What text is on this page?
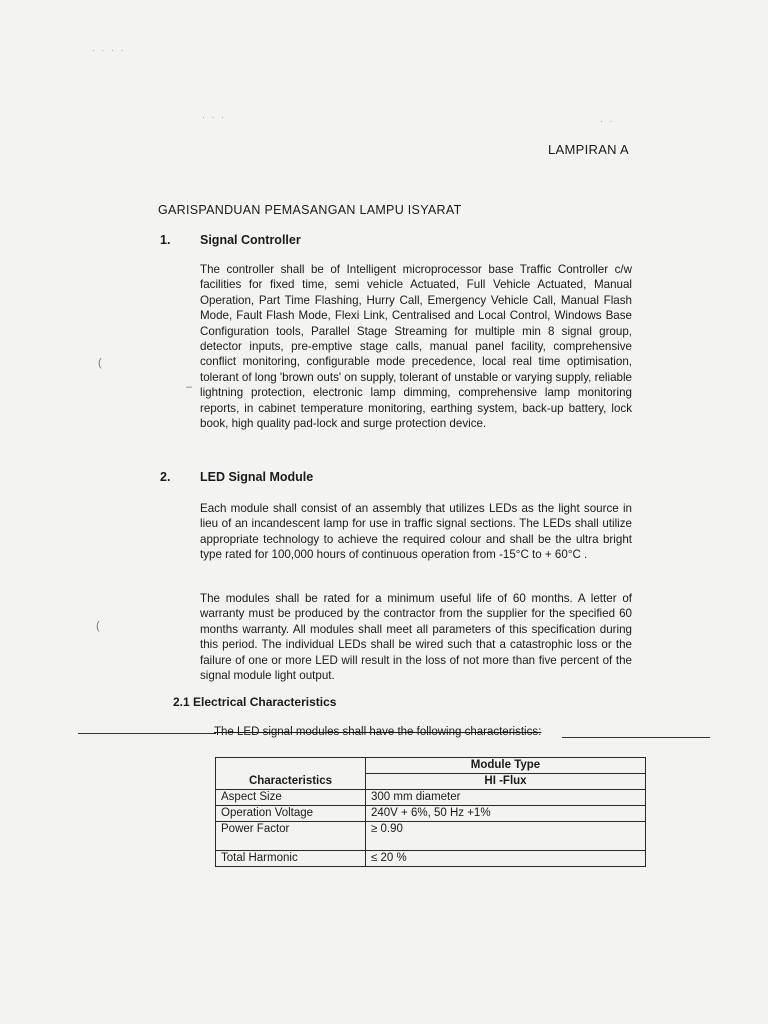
· · · ·
· · ·	· ·
(
–
(
LAMPIRAN A
GARISPANDUAN PEMASANGAN LAMPU ISYARAT
1. Signal Controller

The controller shall be of Intelligent microprocessor base Traffic Controller c/w facilities for fixed time, semi vehicle Actuated, Full Vehicle Actuated, Manual Operation, Part Time Flashing, Hurry Call, Emergency Vehicle Call, Manual Flash Mode, Fault Flash Mode, Flexi Link, Centralised and Local Control, Windows Base Configuration tools, Parallel Stage Streaming for multiple min 8 signal group, detector inputs, pre-emptive stage calls, manual panel facility, comprehensive conflict monitoring, configurable mode precedence, local real time optimisation, tolerant of long 'brown outs' on supply, tolerant of unstable or varying supply, reliable lightning protection, electronic lamp dimming, comprehensive lamp monitoring reports, in cabinet temperature monitoring, earthing system, back-up battery, lock book, high quality pad-lock and surge protection device.

2. LED Signal Module

Each module shall consist of an assembly that utilizes LEDs as the light source in lieu of an incandescent lamp for use in traffic signal sections. The LEDs shall utilize appropriate technology to achieve the required colour and shall be the ultra bright type rated for 100,000 hours of continuous operation from -15°C to + 60°C .

The modules shall be rated for a minimum useful life of 60 months. A letter of warranty must be produced by the contractor from the supplier for the specified 60 months warranty. All modules shall meet all parameters of this specification during this period. The individual LEDs shall be wired such that a catastrophic loss or the failure of one or more LED will result in the loss of not more than five percent of the signal module light output.

2.1 Electrical Characteristics
The LED signal modules shall have the following characteristics:
	Module Type
Characteristics	HI -Flux
Aspect Size	300 mm diameter
Operation Voltage	240V + 6%, 50 Hz +1%
Power Factor	≥ 0.90
Total Harmonic	≤ 20 %
